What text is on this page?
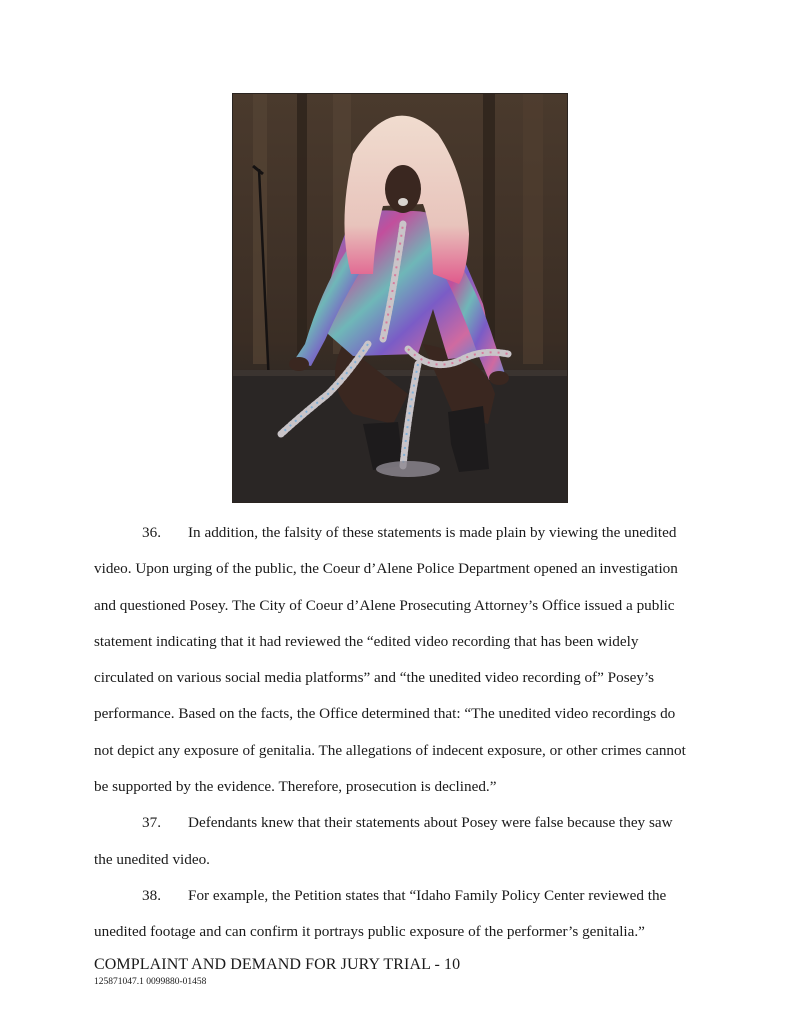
36. In addition, the falsity of these statements is made plain by viewing the unedited
video. Upon urging of the public, the Coeur d’Alene Police Department opened an investigation
and questioned Posey. The City of Coeur d’Alene Prosecuting Attorney’s Office issued a public
statement indicating that it had reviewed the “edited video recording that has been widely
circulated on various social media platforms” and “the unedited video recording of” Posey’s
performance. Based on the facts, the Office determined that: “The unedited video recordings do
not depict any exposure of genitalia. The allegations of indecent exposure, or other crimes cannot
be supported by the evidence. Therefore, prosecution is declined.”
37. Defendants knew that their statements about Posey were false because they saw
the unedited video.
38. For example, the Petition states that “Idaho Family Policy Center reviewed the
unedited footage and can confirm it portrays public exposure of the performer’s genitalia.”
COMPLAINT AND DEMAND FOR JURY TRIAL - 10
125871047.1 0099880-01458
